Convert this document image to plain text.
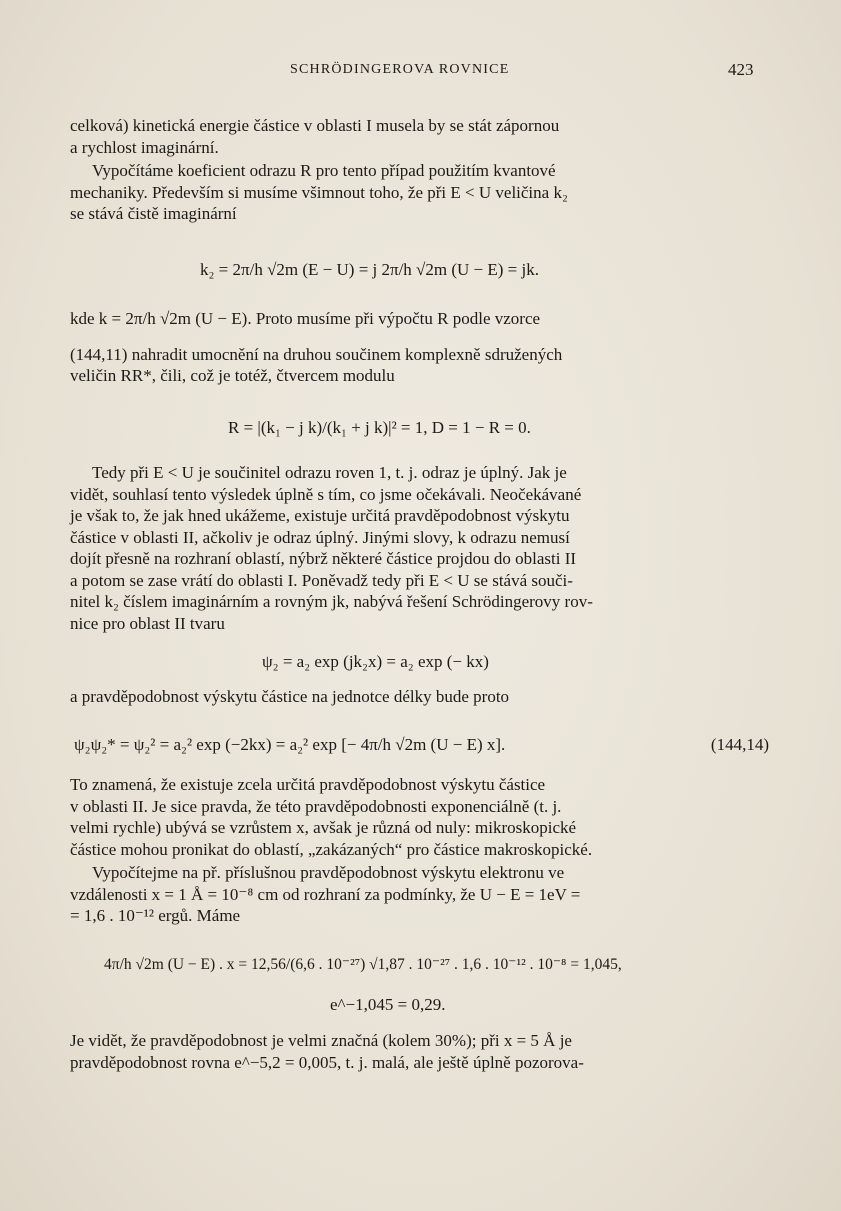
SCHRÖDINGEROVA ROVNICE	423
celková) kinetická energie částice v oblasti I musela by se stát zápornou
a rychlost imaginární.
Vypočítáme koeficient odrazu R pro tento případ použitím kvantové
mechaniky. Především si musíme všimnout toho, že při E < U veličina k₂
se stává čistě imaginární
k₂ = 2π/h √2m (E − U) = j 2π/h √2m (U − E) = jk.
kde k = 2π/h √2m (U − E). Proto musíme při výpočtu R podle vzorce
(144,11) nahradit umocnění na druhou součinem komplexně sdružených
veličin RR*, čili, což je totéž, čtvercem modulu
R = |(k₁ − j k)/(k₁ + j k)|² = 1, D = 1 − R = 0.
Tedy při E < U je součinitel odrazu roven 1, t. j. odraz je úplný. Jak je
vidět, souhlasí tento výsledek úplně s tím, co jsme očekávali. Neočekávané
je však to, že jak hned ukážeme, existuje určitá pravděpodobnost výskytu
částice v oblasti II, ačkoliv je odraz úplný. Jinými slovy, k odrazu nemusí
dojít přesně na rozhraní oblastí, nýbrž některé částice projdou do oblasti II
a potom se zase vrátí do oblasti I. Poněvadž tedy při E < U se stává souči-
nitel k₂ číslem imaginárním a rovným jk, nabývá řešení Schrödingerovy rov-
nice pro oblast II tvaru
ψ₂ = a₂ exp (jk₂x) = a₂ exp (− kx)
a pravděpodobnost výskytu částice na jednotce délky bude proto
ψ₂ψ₂* = ψ₂² = a₂² exp (−2kx) = a₂² exp [− 4π/h √2m (U − E) x].	(144,14)
To znamená, že existuje zcela určitá pravděpodobnost výskytu částice
v oblasti II. Je sice pravda, že této pravděpodobnosti exponenciálně (t. j.
velmi rychle) ubývá se vzrůstem x, avšak je různá od nuly: mikroskopické
částice mohou pronikat do oblastí, „zakázaných“ pro částice makroskopické.
Vypočítejme na př. příslušnou pravděpodobnost výskytu elektronu ve
vzdálenosti x = 1 Å = 10⁻⁸ cm od rozhraní za podmínky, že U − E = 1eV =
= 1,6 . 10⁻¹² ergů. Máme
4π/h √2m (U − E) . x = 12,56/(6,6 . 10⁻²⁷) √1,87 . 10⁻²⁷ . 1,6 . 10⁻¹² . 10⁻⁸ = 1,045,
e^−1,045 = 0,29.
Je vidět, že pravděpodobnost je velmi značná (kolem 30%); při x = 5 Å je
pravděpodobnost rovna e^−5,2 = 0,005, t. j. malá, ale ještě úplně pozorova-
